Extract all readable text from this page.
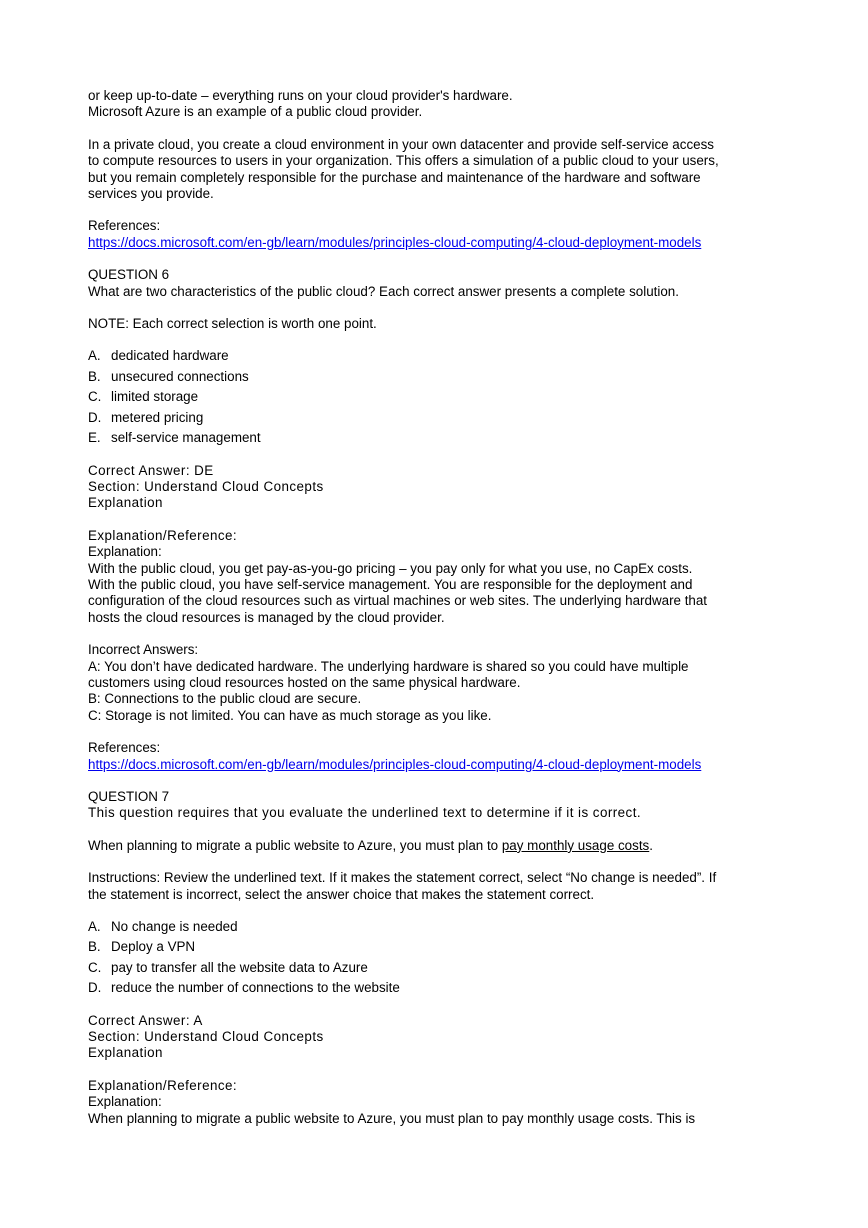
or keep up-to-date – everything runs on your cloud provider's hardware.

Microsoft Azure is an example of a public cloud provider.

In a private cloud, you create a cloud environment in your own datacenter and provide self-service access

to compute resources to users in your organization. This offers a simulation of a public cloud to your users,

but you remain completely responsible for the purchase and maintenance of the hardware and software

services you provide.

References:

https://docs.microsoft.com/en-gb/learn/modules/principles-cloud-computing/4-cloud-deployment-models

QUESTION 6

What are two characteristics of the public cloud? Each correct answer presents a complete solution.

NOTE: Each correct selection is worth one point.

A. dedicated hardware
B. unsecured connections
C. limited storage
D. metered pricing
E. self-service management

Correct Answer: DE

Section: Understand Cloud Concepts

Explanation

Explanation/Reference:

Explanation:

With the public cloud, you get pay-as-you-go pricing – you pay only for what you use, no CapEx costs.

With the public cloud, you have self-service management. You are responsible for the deployment and

configuration of the cloud resources such as virtual machines or web sites. The underlying hardware that

hosts the cloud resources is managed by the cloud provider.

Incorrect Answers:

A: You don’t have dedicated hardware. The underlying hardware is shared so you could have multiple

customers using cloud resources hosted on the same physical hardware.

B: Connections to the public cloud are secure.

C: Storage is not limited. You can have as much storage as you like.

References:

https://docs.microsoft.com/en-gb/learn/modules/principles-cloud-computing/4-cloud-deployment-models

QUESTION 7

This question requires that you evaluate the underlined text to determine if it is correct.

When planning to migrate a public website to Azure, you must plan to pay monthly usage costs.

Instructions: Review the underlined text. If it makes the statement correct, select “No change is needed”. If

the statement is incorrect, select the answer choice that makes the statement correct.

A. No change is needed
B. Deploy a VPN
C. pay to transfer all the website data to Azure
D. reduce the number of connections to the website

Correct Answer: A

Section: Understand Cloud Concepts

Explanation

Explanation/Reference:

Explanation:

When planning to migrate a public website to Azure, you must plan to pay monthly usage costs. This is
